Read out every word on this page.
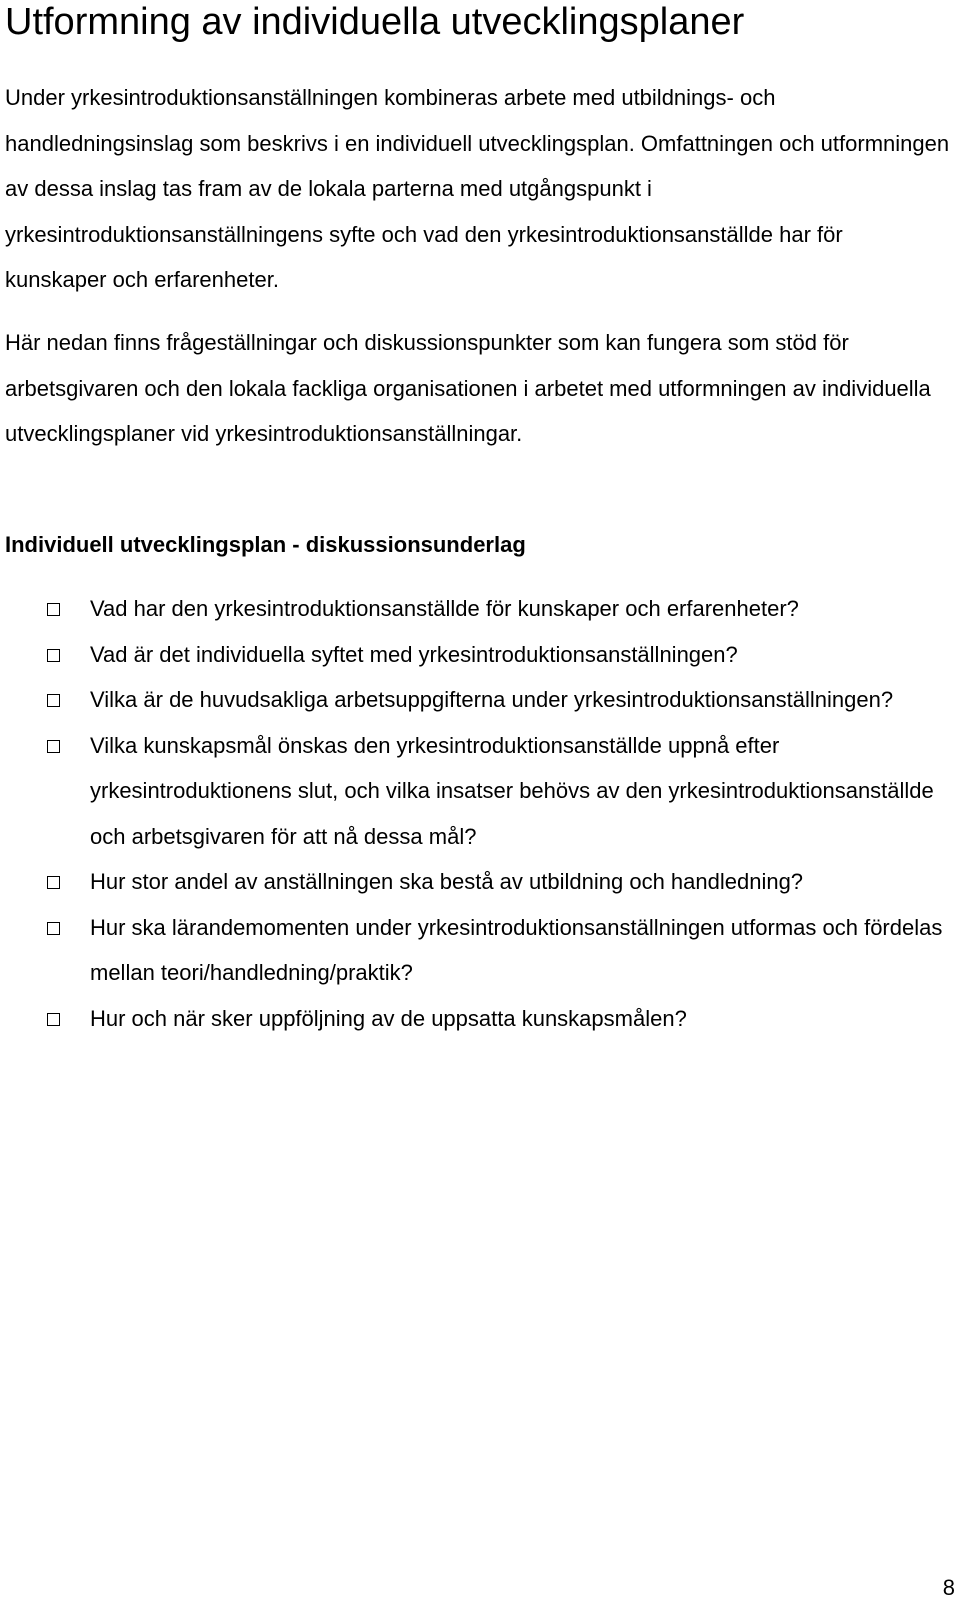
Utformning av individuella utvecklingsplaner

Under yrkesintroduktionsanställningen kombineras arbete med utbildnings- och handledningsinslag som beskrivs i en individuell utvecklingsplan. Omfattningen och utformningen av dessa inslag tas fram av de lokala parterna med utgångspunkt i yrkesintroduktionsanställningens syfte och vad den yrkesintroduktionsanställde har för kunskaper och erfarenheter.

Här nedan finns frågeställningar och diskussionspunkter som kan fungera som stöd för arbetsgivaren och den lokala fackliga organisationen i arbetet med utformningen av individuella utvecklingsplaner vid yrkesintroduktionsanställningar.

Individuell utvecklingsplan - diskussionsunderlag
Vad har den yrkesintroduktionsanställde för kunskaper och erfarenheter?
Vad är det individuella syftet med yrkesintroduktionsanställningen?
Vilka är de huvudsakliga arbetsuppgifterna under yrkesintroduktionsanställningen?
Vilka kunskapsmål önskas den yrkesintroduktionsanställde uppnå efter yrkesintroduktionens slut, och vilka insatser behövs av den yrkesintroduktionsanställde och arbetsgivaren för att nå dessa mål?
Hur stor andel av anställningen ska bestå av utbildning och handledning?
Hur ska lärandemomenten under yrkesintroduktionsanställningen utformas och fördelas mellan teori/handledning/praktik?
Hur och när sker uppföljning av de uppsatta kunskapsmålen?
8
